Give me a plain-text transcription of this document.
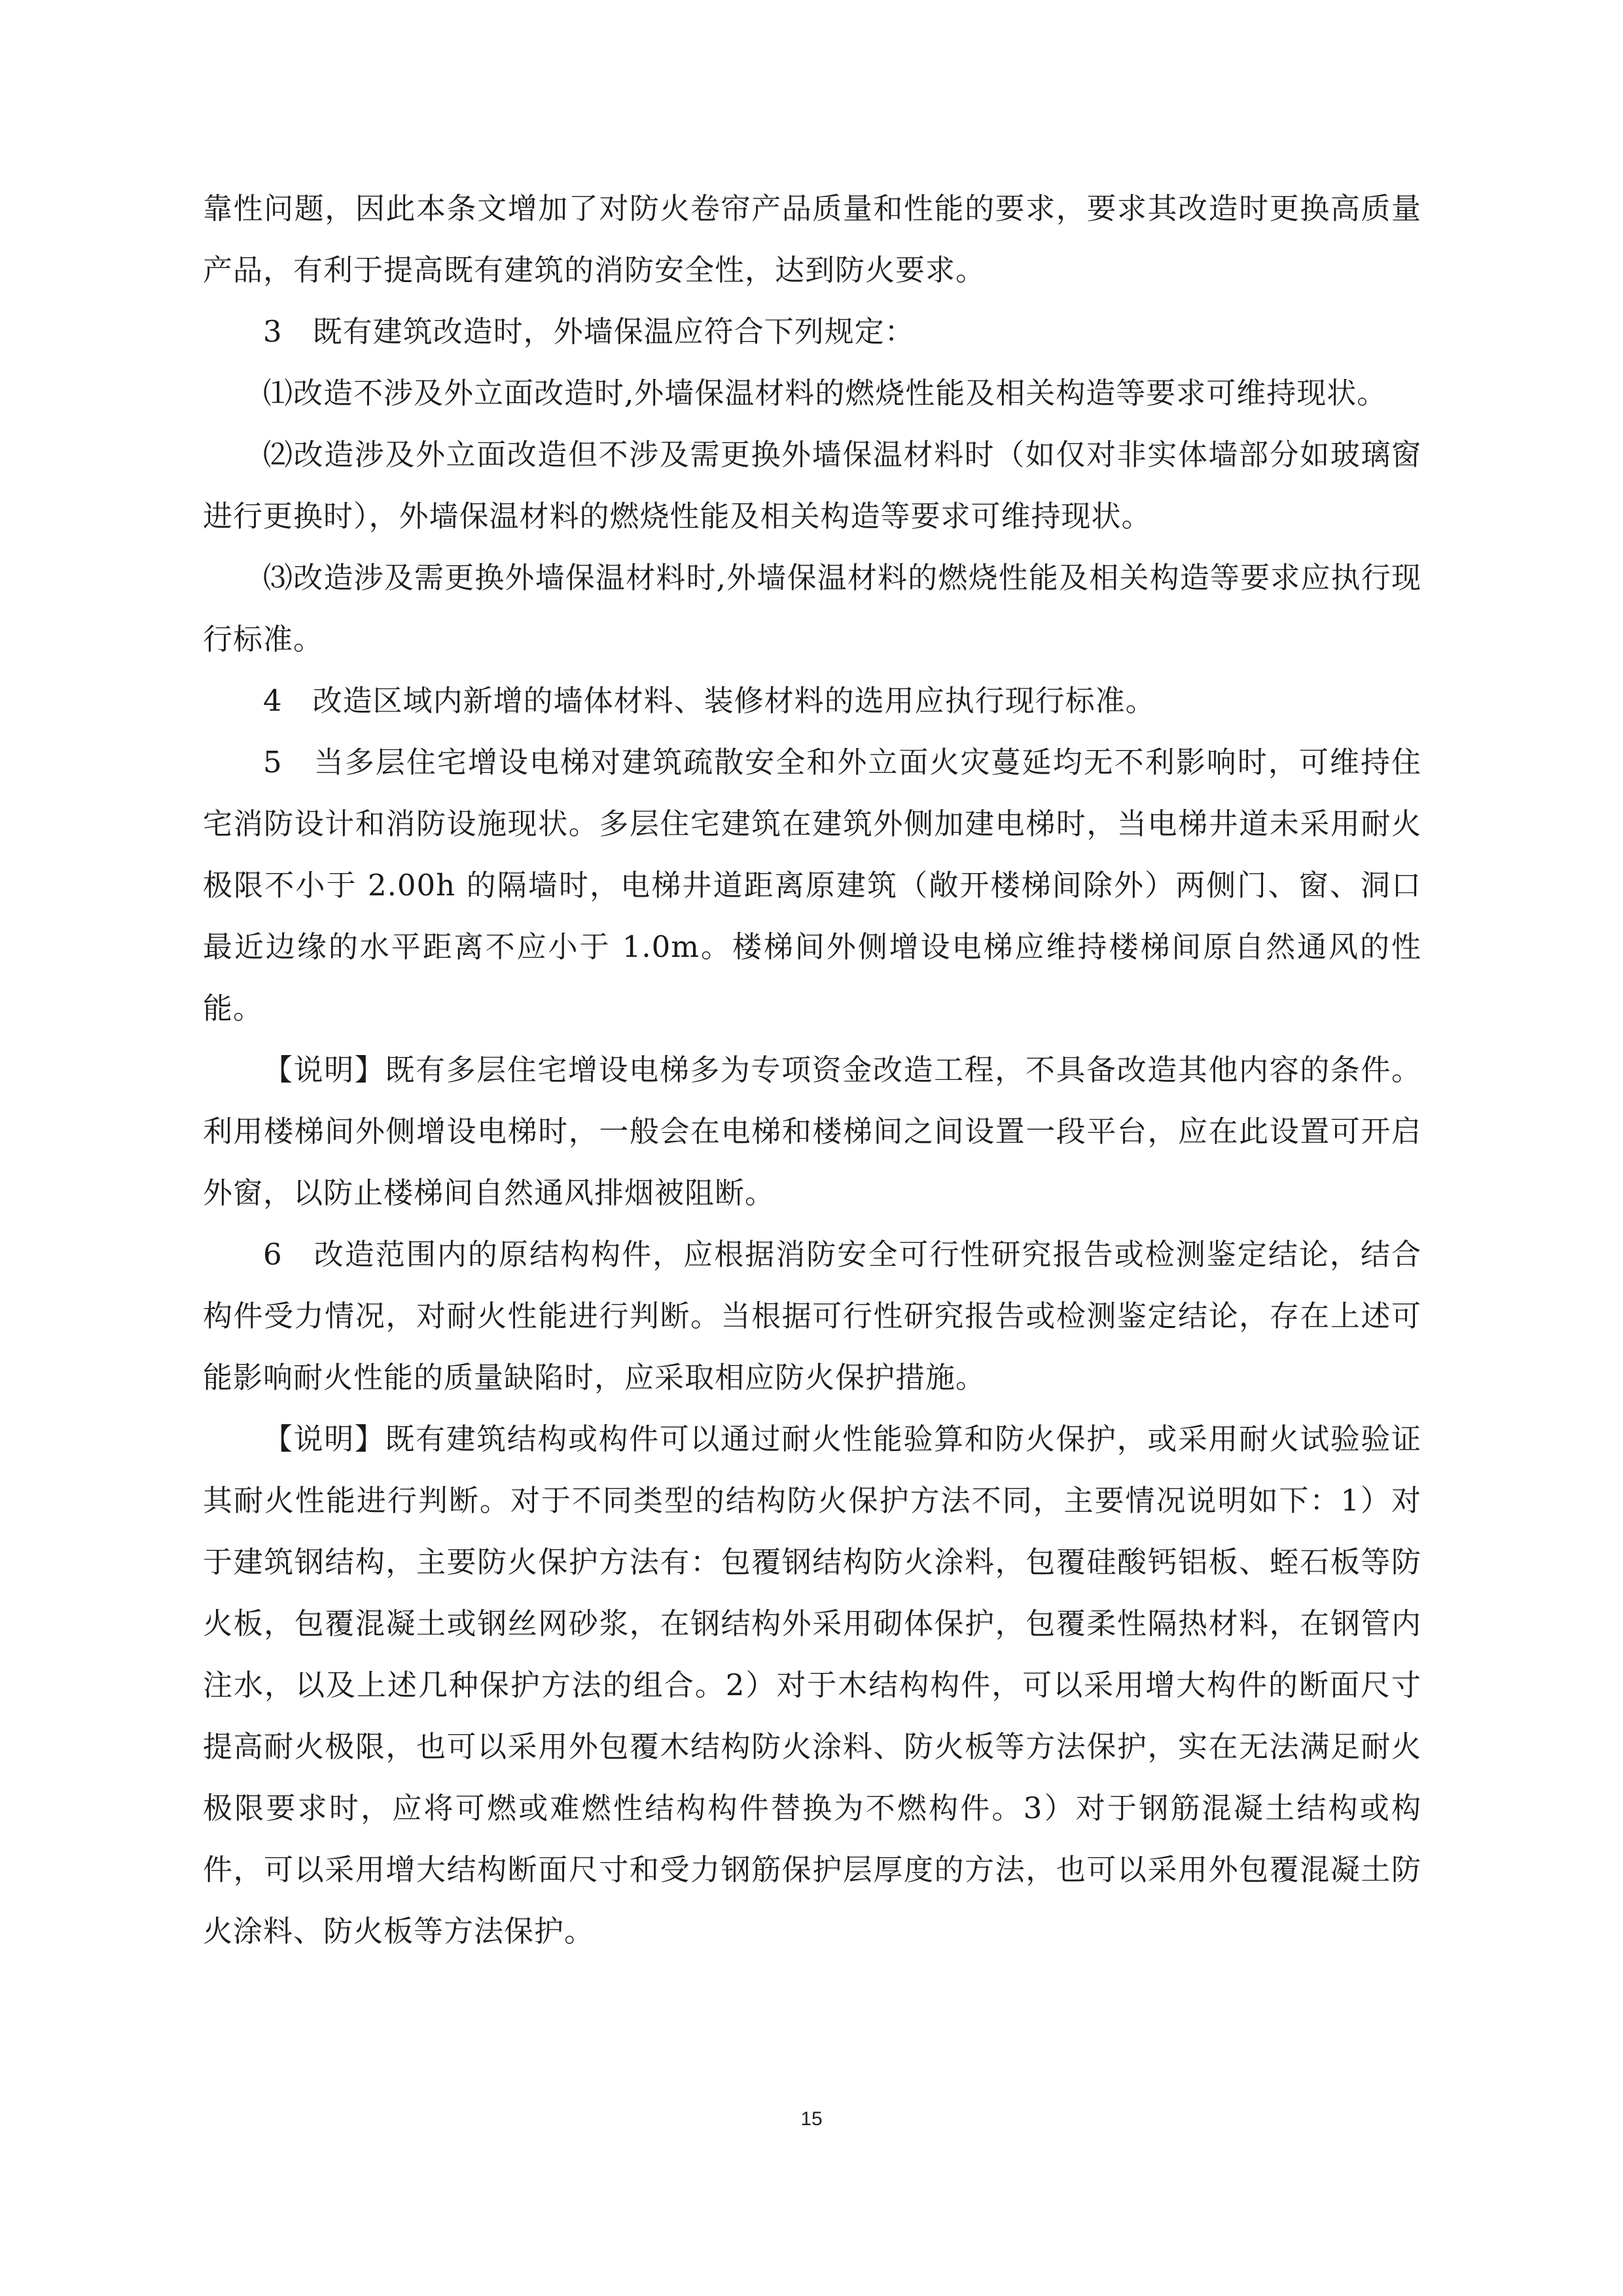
靠性问题，因此本条文增加了对防火卷帘产品质量和性能的要求，要求其改造时更换高质量产品，有利于提高既有建筑的消防安全性，达到防火要求。

3　既有建筑改造时，外墙保温应符合下列规定：

⑴改造不涉及外立面改造时,外墙保温材料的燃烧性能及相关构造等要求可维持现状。

⑵改造涉及外立面改造但不涉及需更换外墙保温材料时（如仅对非实体墙部分如玻璃窗进行更换时），外墙保温材料的燃烧性能及相关构造等要求可维持现状。

⑶改造涉及需更换外墙保温材料时,外墙保温材料的燃烧性能及相关构造等要求应执行现行标准。

4　改造区域内新增的墙体材料、装修材料的选用应执行现行标准。

5　当多层住宅增设电梯对建筑疏散安全和外立面火灾蔓延均无不利影响时，可维持住宅消防设计和消防设施现状。多层住宅建筑在建筑外侧加建电梯时，当电梯井道未采用耐火极限不小于 2.00h 的隔墙时，电梯井道距离原建筑（敞开楼梯间除外）两侧门、窗、洞口最近边缘的水平距离不应小于 1.0m。楼梯间外侧增设电梯应维持楼梯间原自然通风的性能。

【说明】既有多层住宅增设电梯多为专项资金改造工程，不具备改造其他内容的条件。利用楼梯间外侧增设电梯时，一般会在电梯和楼梯间之间设置一段平台，应在此设置可开启外窗，以防止楼梯间自然通风排烟被阻断。

6　改造范围内的原结构构件，应根据消防安全可行性研究报告或检测鉴定结论，结合构件受力情况，对耐火性能进行判断。当根据可行性研究报告或检测鉴定结论，存在上述可能影响耐火性能的质量缺陷时，应采取相应防火保护措施。

【说明】既有建筑结构或构件可以通过耐火性能验算和防火保护，或采用耐火试验验证其耐火性能进行判断。对于不同类型的结构防火保护方法不同，主要情况说明如下：1）对于建筑钢结构，主要防火保护方法有：包覆钢结构防火涂料，包覆硅酸钙铝板、蛭石板等防火板，包覆混凝土或钢丝网砂浆，在钢结构外采用砌体保护，包覆柔性隔热材料，在钢管内注水，以及上述几种保护方法的组合。2）对于木结构构件，可以采用增大构件的断面尺寸提高耐火极限，也可以采用外包覆木结构防火涂料、防火板等方法保护，实在无法满足耐火极限要求时，应将可燃或难燃性结构构件替换为不燃构件。3）对于钢筋混凝土结构或构件，可以采用增大结构断面尺寸和受力钢筋保护层厚度的方法，也可以采用外包覆混凝土防火涂料、防火板等方法保护。

15
